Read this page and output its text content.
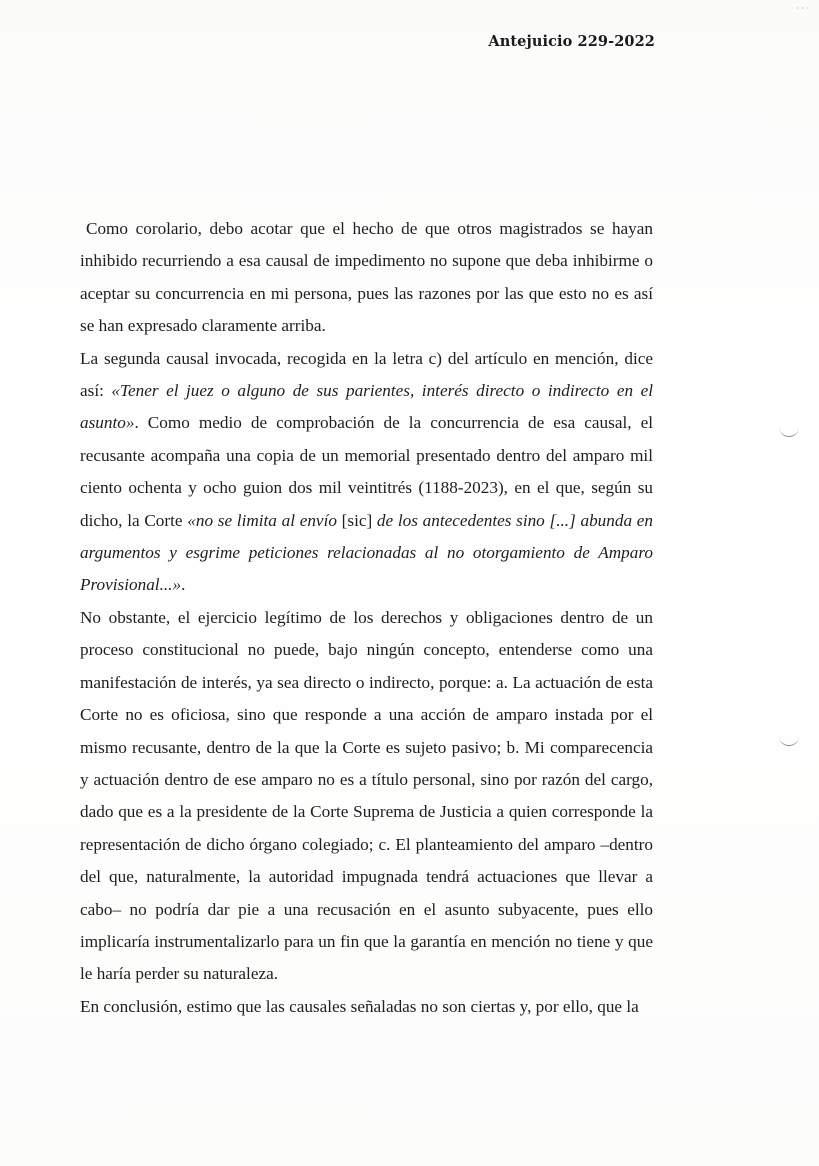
· · ·
Antejuicio 229-2022

Como corolario, debo acotar que el hecho de que otros magistrados se hayan inhibido recurriendo a esa causal de impedimento no supone que deba inhibirme o aceptar su concurrencia en mi persona, pues las razones por las que esto no es así se han expresado claramente arriba.

La segunda causal invocada, recogida en la letra c) del artículo en mención, dice así: «Tener el juez o alguno de sus parientes, interés directo o indirecto en el asunto». Como medio de comprobación de la concurrencia de esa causal, el recusante acompaña una copia de un memorial presentado dentro del amparo mil ciento ochenta y ocho guion dos mil veintitrés (1188-2023), en el que, según su dicho, la Corte «no se limita al envío [sic] de los antecedentes sino [...] abunda en argumentos y esgrime peticiones relacionadas al no otorgamiento de Amparo Provisional...».

No obstante, el ejercicio legítimo de los derechos y obligaciones dentro de un proceso constitucional no puede, bajo ningún concepto, entenderse como una manifestación de interés, ya sea directo o indirecto, porque: a. La actuación de esta Corte no es oficiosa, sino que responde a una acción de amparo instada por el mismo recusante, dentro de la que la Corte es sujeto pasivo; b. Mi comparecencia y actuación dentro de ese amparo no es a título personal, sino por razón del cargo, dado que es a la presidente de la Corte Suprema de Justicia a quien corresponde la representación de dicho órgano colegiado; c. El planteamiento del amparo –dentro del que, naturalmente, la autoridad impugnada tendrá actuaciones que llevar a cabo– no podría dar pie a una recusación en el asunto subyacente, pues ello implicaría instrumentalizarlo para un fin que la garantía en mención no tiene y que le haría perder su naturaleza.

En conclusión, estimo que las causales señaladas no son ciertas y, por ello, que la
